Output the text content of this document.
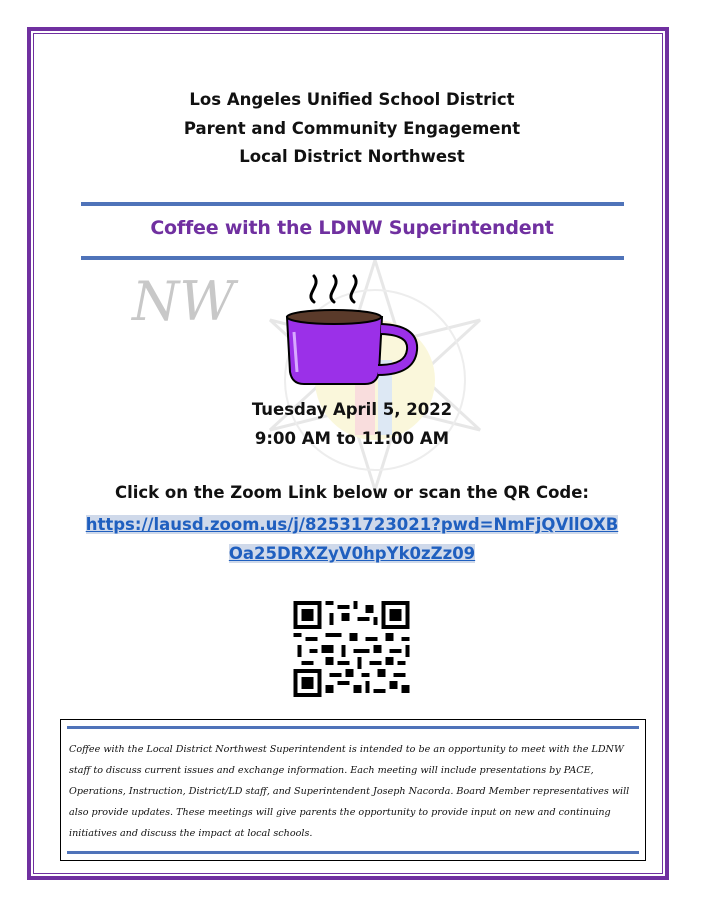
NW
Los Angeles Unified School District
Parent and Community Engagement
Local District Northwest
Coffee with the LDNW Superintendent
Tuesday April 5, 2022
9:00 AM to 11:00 AM
Click on the Zoom Link below or scan the QR Code:
https://lausd.zoom.us/j/82531723021?pwd=NmFjQVllOXBOa25DRXZyV0hpYk0zZz09
Coffee with the Local District Northwest Superintendent is intended to be an opportunity to meet with the LDNW staff to discuss current issues and exchange information. Each meeting will include presentations by PACE, Operations, Instruction, District/LD staff, and Superintendent Joseph Nacorda. Board Member representatives will also provide updates. These meetings will give parents the opportunity to provide input on new and continuing initiatives and discuss the impact at local schools.
